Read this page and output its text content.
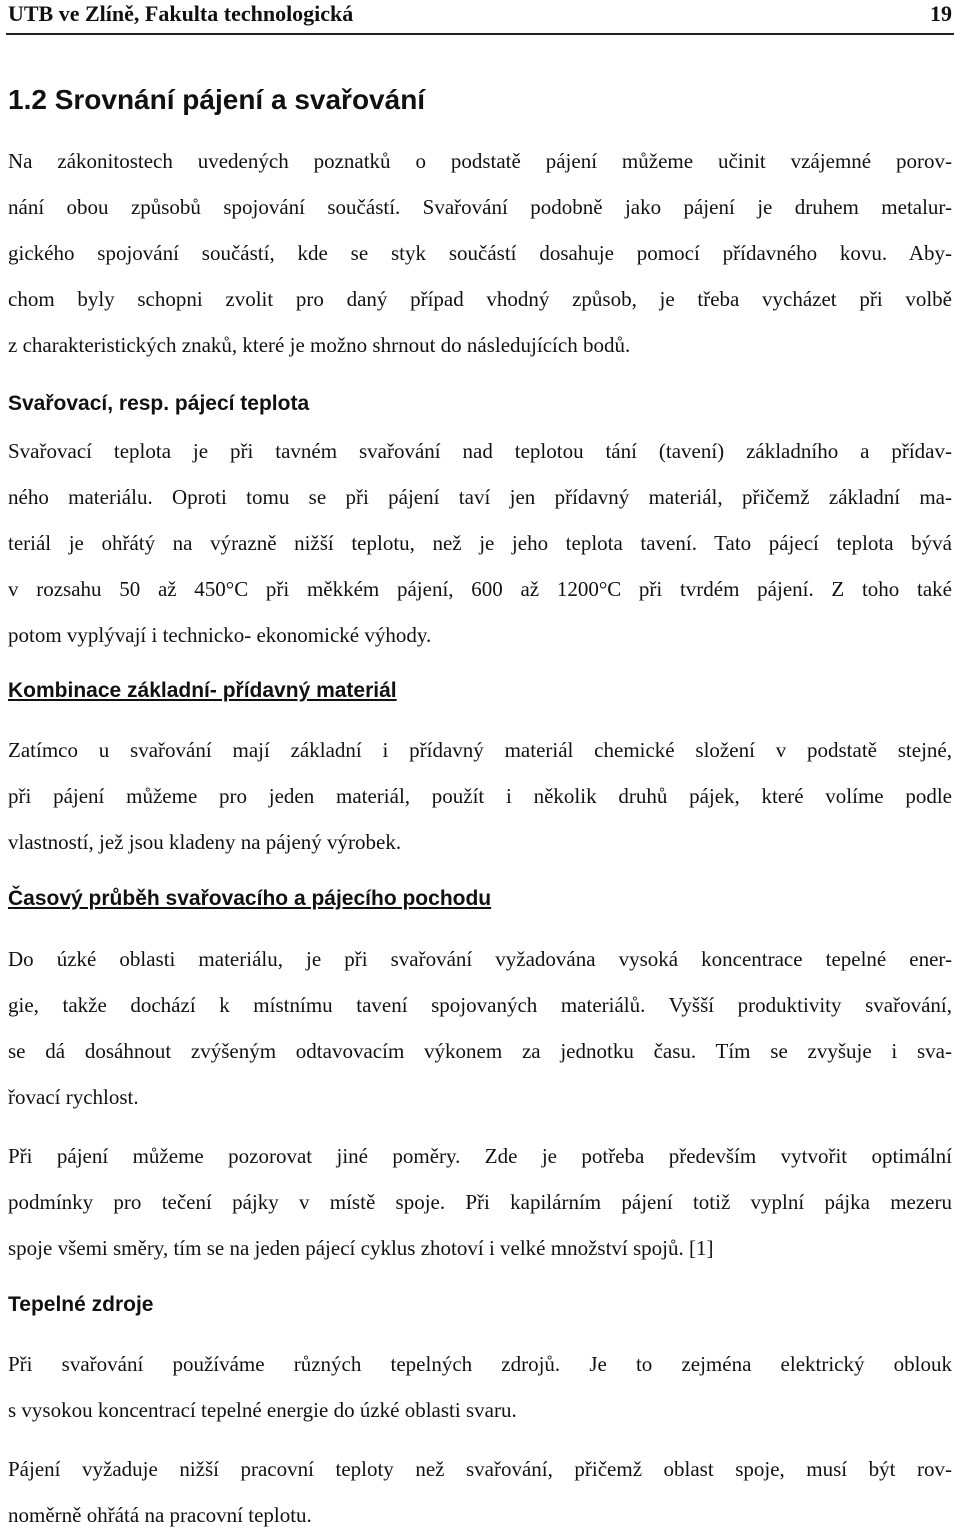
UTB ve Zlíně, Fakulta technologická	19
1.2 Srovnání pájení a svařování

Na zákonitostech uvedených poznatků o podstatě pájení můžeme učinit vzájemné porov-
nání obou způsobů spojování součástí. Svařování podobně jako pájení je druhem metalur-
gického spojování součástí, kde se styk součástí dosahuje pomocí přídavného kovu. Aby-
chom byly schopni zvolit pro daný případ vhodný způsob, je třeba vycházet při volbě
z charakteristických znaků, které je možno shrnout do následujících bodů.

Svařovací, resp. pájecí teplota

Svařovací teplota je při tavném svařování nad teplotou tání (tavení) základního a přídav-
ného materiálu. Oproti tomu se při pájení taví jen přídavný materiál, přičemž základní ma-
teriál je ohřátý na výrazně nižší teplotu, než je jeho teplota tavení. Tato pájecí teplota bývá
v rozsahu 50 až 450°C při měkkém pájení, 600 až 1200°C při tvrdém pájení. Z toho také
potom vyplývají i technicko- ekonomické výhody.

Kombinace základní- přídavný materiál

Zatímco u svařování mají základní i přídavný materiál chemické složení v podstatě stejné,
při pájení můžeme pro jeden materiál, použít i několik druhů pájek, které volíme podle
vlastností, jež jsou kladeny na pájený výrobek.

Časový průběh svařovacího a pájecího pochodu

Do úzké oblasti materiálu, je při svařování vyžadována vysoká koncentrace tepelné ener-
gie, takže dochází k místnímu tavení spojovaných materiálů. Vyšší produktivity svařování,
se dá dosáhnout zvýšeným odtavovacím výkonem za jednotku času. Tím se zvyšuje i sva-
řovací rychlost.

Při pájení můžeme pozorovat jiné poměry. Zde je potřeba především vytvořit optimální
podmínky pro tečení pájky v místě spoje. Při kapilárním pájení totiž vyplní pájka mezeru
spoje všemi směry, tím se na jeden pájecí cyklus zhotoví i velké množství spojů. [1]

Tepelné zdroje

Při svařování používáme různých tepelných zdrojů. Je to zejména elektrický oblouk
s vysokou koncentrací tepelné energie do úzké oblasti svaru.

Pájení vyžaduje nižší pracovní teploty než svařování, přičemž oblast spoje, musí být rov-
noměrně ohřátá na pracovní teplotu.
